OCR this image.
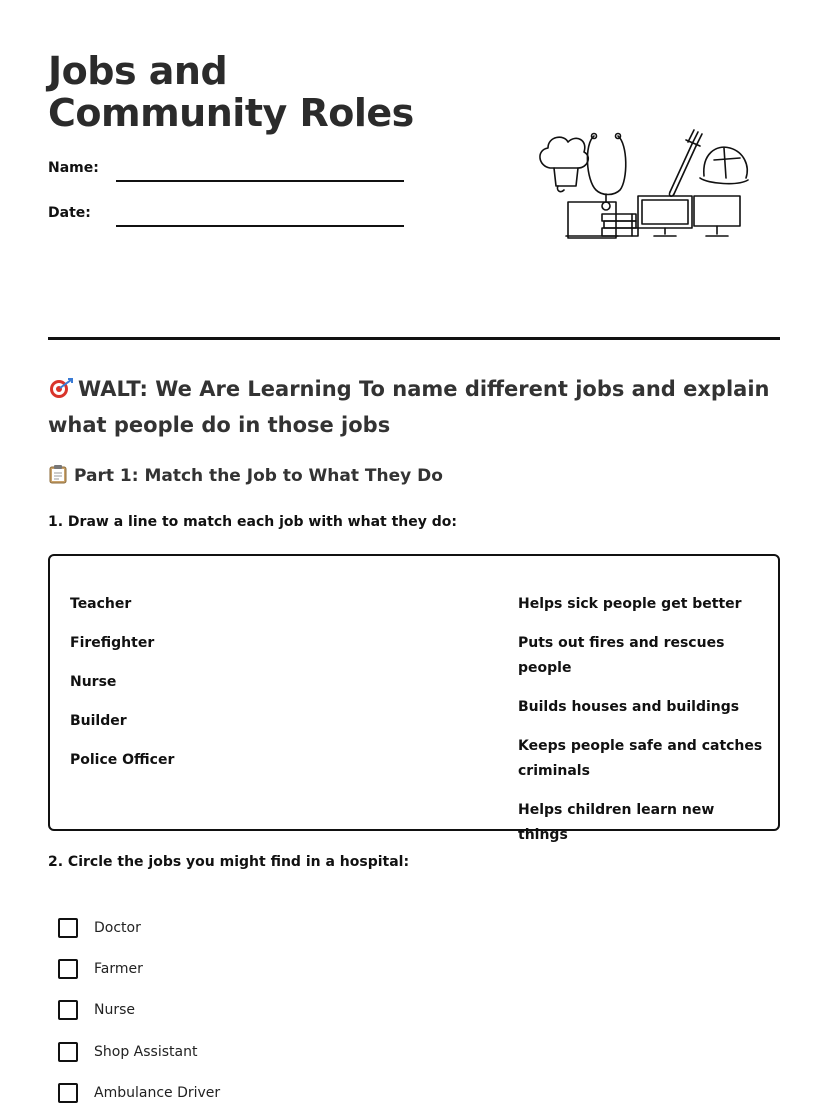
Jobs and Community Roles
Name:
Date:
WALT: We Are Learning To name different jobs and explain what people do in those jobs
Part 1: Match the Job to What They Do
1. Draw a line to match each job with what they do:
Teacher
Firefighter
Nurse
Builder
Police Officer
Helps sick people get better
Puts out fires and rescues people
Builds houses and buildings
Keeps people safe and catches criminals
Helps children learn new things
2. Circle the jobs you might find in a hospital:
Doctor
Farmer
Nurse
Shop Assistant
Ambulance Driver
